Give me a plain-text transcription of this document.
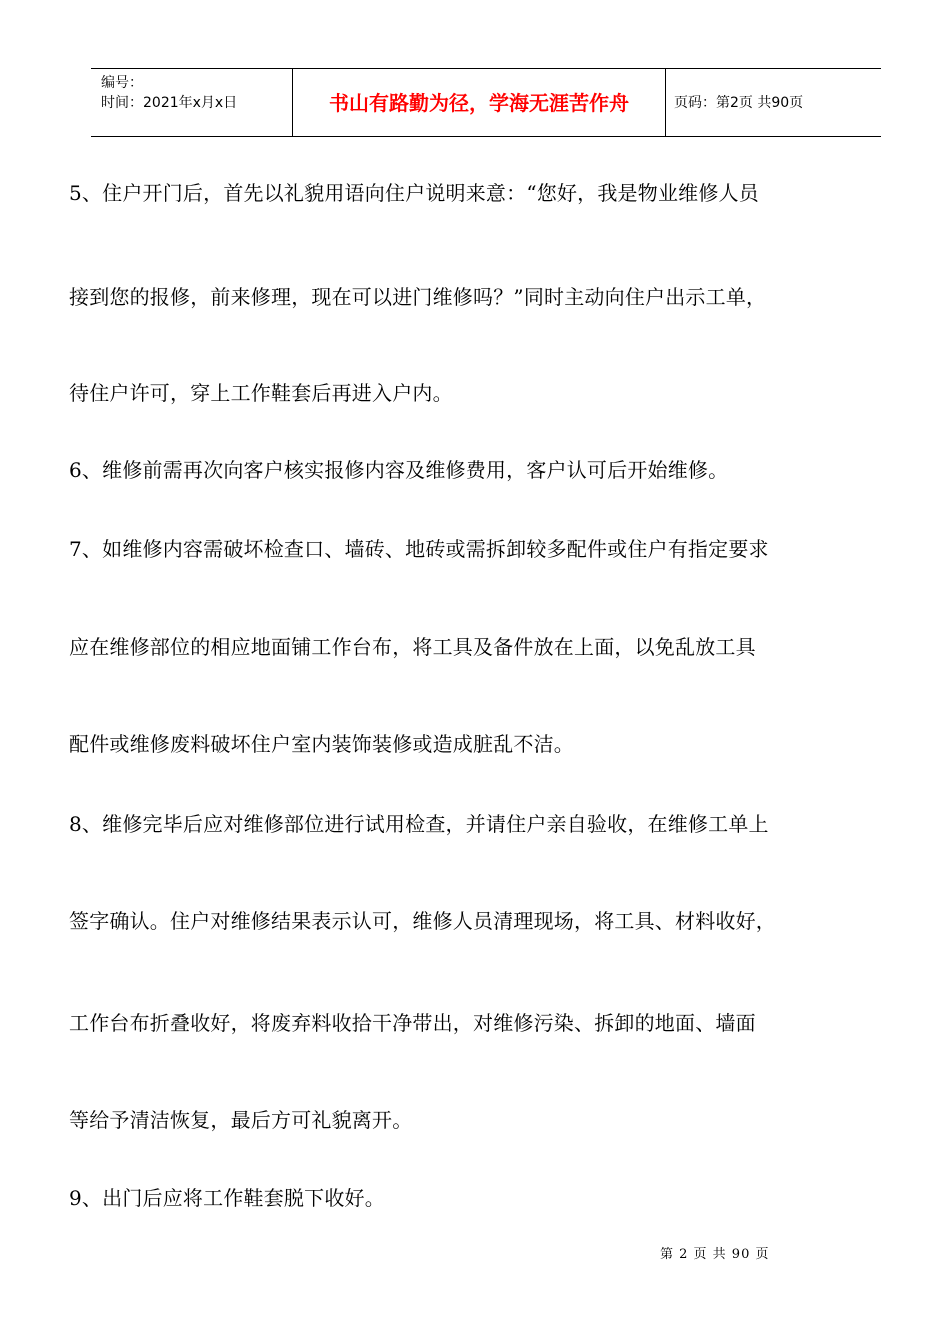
编号：
时间：2021年x月x日	书山有路勤为径，学海无涯苦作舟	页码：第2页 共90页

5、住户开门后，首先以礼貌用语向住户说明来意：“您好，我是物业维修人员

接到您的报修，前来修理，现在可以进门维修吗？”同时主动向住户出示工单，

待住户许可，穿上工作鞋套后再进入户内。

6、维修前需再次向客户核实报修内容及维修费用，客户认可后开始维修。

7、如维修内容需破坏检查口、墙砖、地砖或需拆卸较多配件或住户有指定要求

应在维修部位的相应地面铺工作台布，将工具及备件放在上面，以免乱放工具

配件或维修废料破坏住户室内装饰装修或造成脏乱不洁。

8、维修完毕后应对维修部位进行试用检查，并请住户亲自验收，在维修工单上

签字确认。住户对维修结果表示认可，维修人员清理现场，将工具、材料收好，

工作台布折叠收好，将废弃料收拾干净带出，对维修污染、拆卸的地面、墙面

等给予清洁恢复，最后方可礼貌离开。

9、出门后应将工作鞋套脱下收好。

第 2 页 共 90 页
